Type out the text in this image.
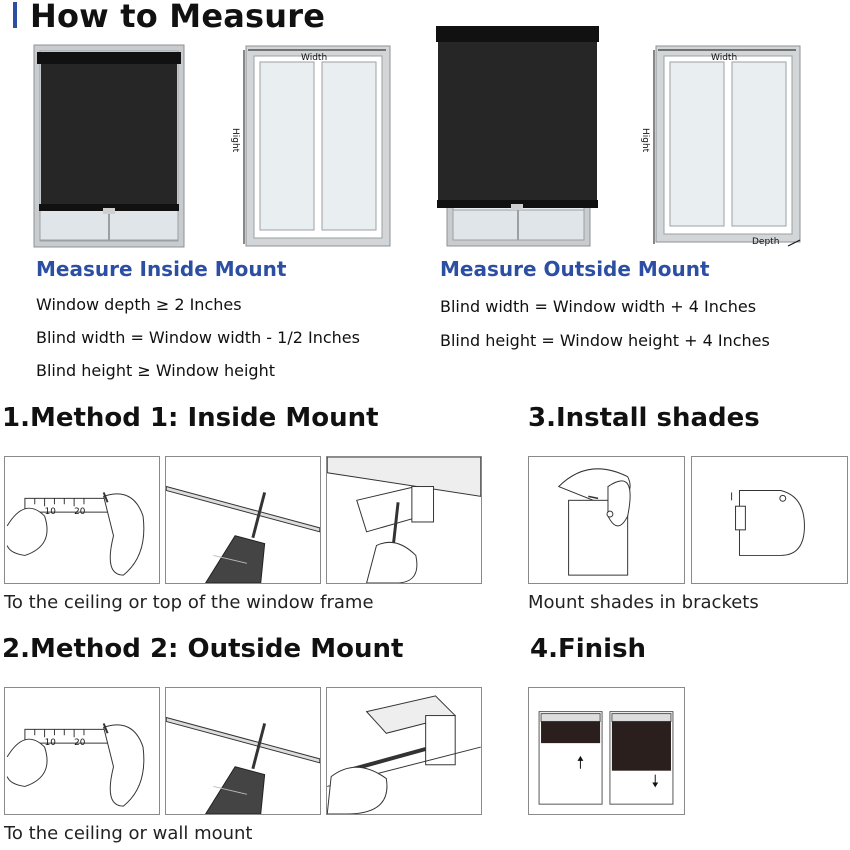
How to Measure
Width
Hight
Width
Hight
Depth
Measure Inside Mount
Window depth ≥ 2 Inches
Blind width = Window width - 1/2 Inches
Blind height ≥ Window height
Measure Outside Mount
Blind width = Window width + 4 Inches
Blind height = Window height + 4 Inches
1.Method 1: Inside Mount	3.Install shades
10 20
To the ceiling or top of the window frame	Mount shades in brackets
2.Method 2: Outside Mount	4.Finish
10 20
To the ceiling or wall mount
